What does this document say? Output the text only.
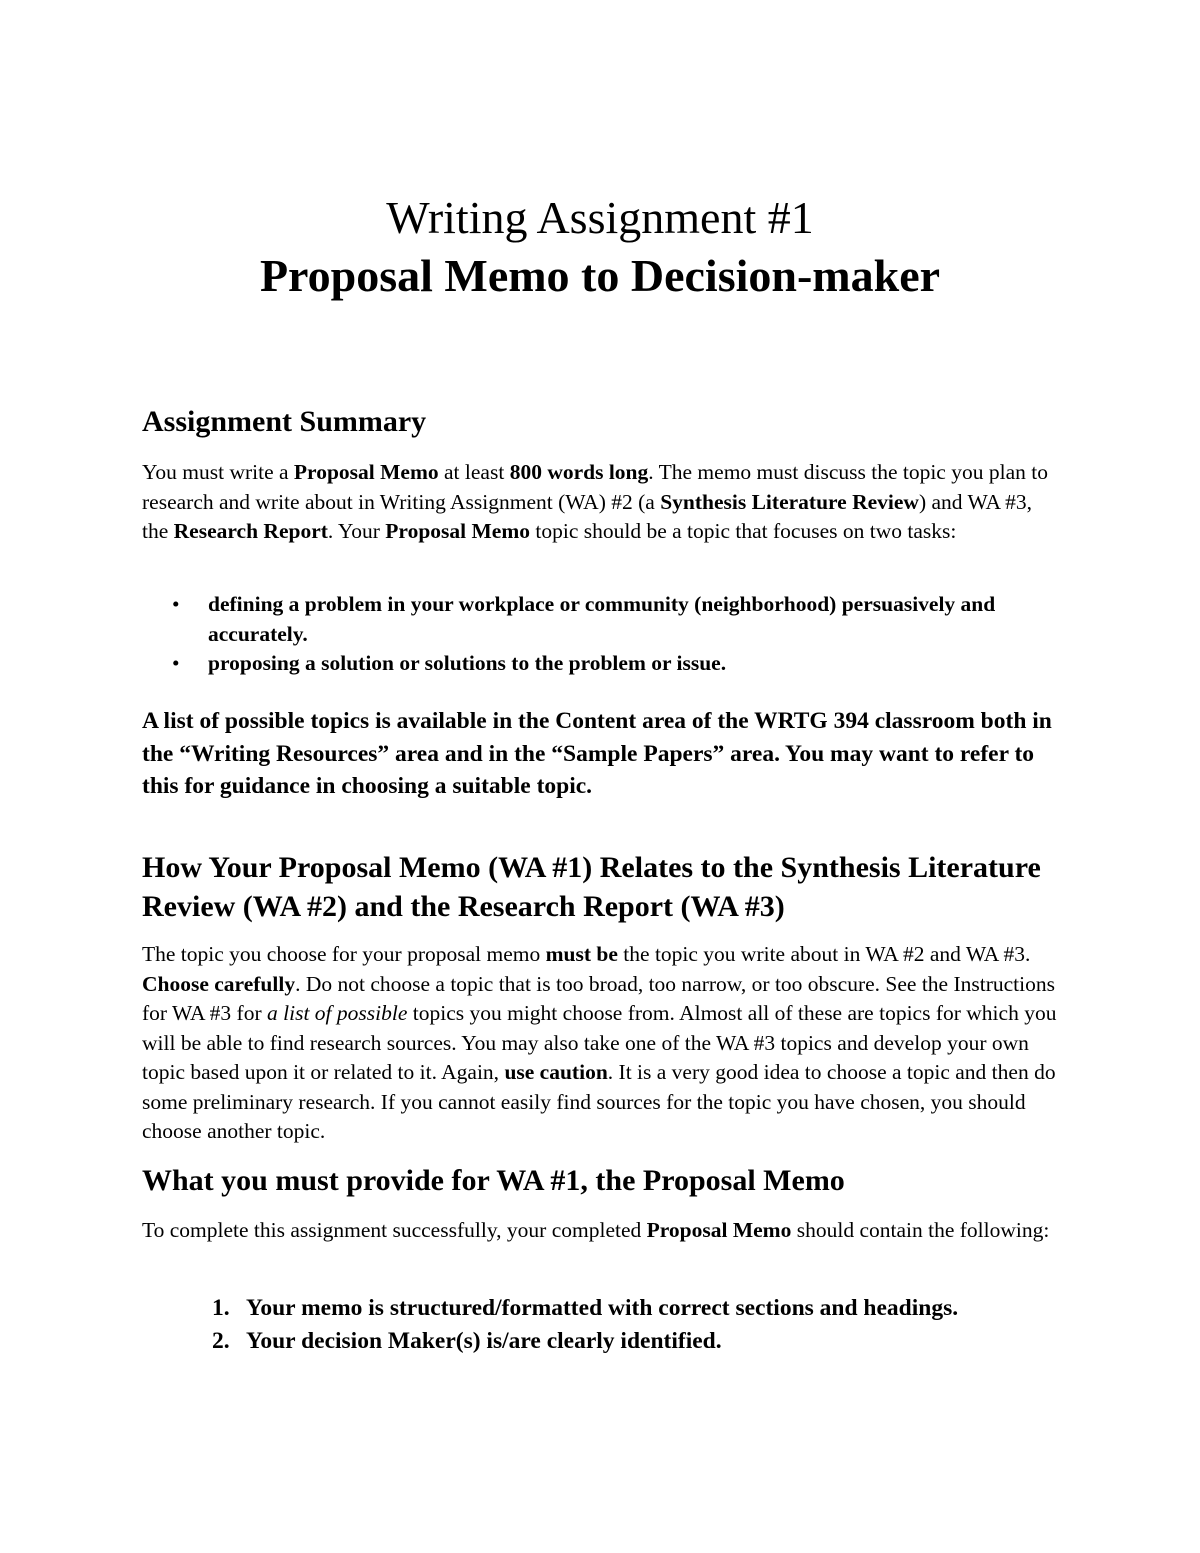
Writing Assignment #1

Proposal Memo to Decision-maker

Assignment Summary

You must write a Proposal Memo at least 800 words long. The memo must discuss the topic you plan to research and write about in Writing Assignment (WA) #2 (a Synthesis Literature Review) and WA #3, the Research Report. Your Proposal Memo topic should be a topic that focuses on two tasks:

• defining a problem in your workplace or community (neighborhood) persuasively and accurately.
• proposing a solution or solutions to the problem or issue.

A list of possible topics is available in the Content area of the WRTG 394 classroom both in the “Writing Resources” area and in the “Sample Papers” area. You may want to refer to this for guidance in choosing a suitable topic.

How Your Proposal Memo (WA #1) Relates to the Synthesis Literature Review (WA #2) and the Research Report (WA #3)

The topic you choose for your proposal memo must be the topic you write about in WA #2 and WA #3. Choose carefully. Do not choose a topic that is too broad, too narrow, or too obscure. See the Instructions for WA #3 for a list of possible topics you might choose from. Almost all of these are topics for which you will be able to find research sources. You may also take one of the WA #3 topics and develop your own topic based upon it or related to it. Again, use caution. It is a very good idea to choose a topic and then do some preliminary research. If you cannot easily find sources for the topic you have chosen, you should choose another topic.

What you must provide for WA #1, the Proposal Memo

To complete this assignment successfully, your completed Proposal Memo should contain the following:

1. Your memo is structured/formatted with correct sections and headings.
2. Your decision Maker(s) is/are clearly identified.
